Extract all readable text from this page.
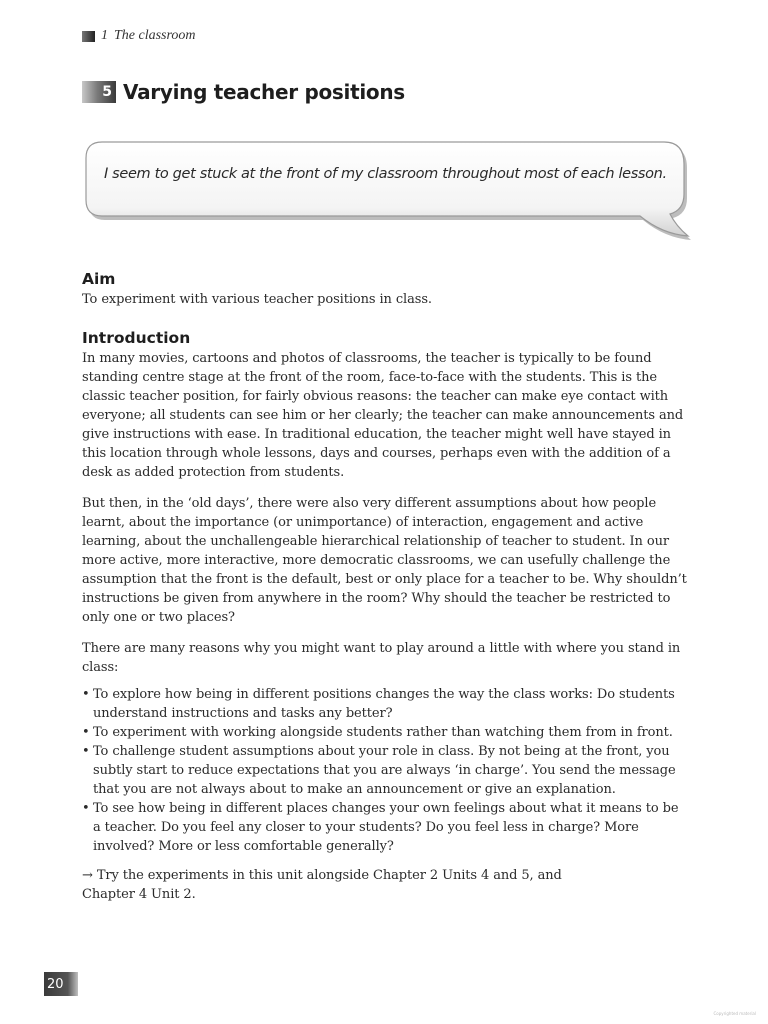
1 The classroom
5 Varying teacher positions
I seem to get stuck at the front of my classroom throughout most of each lesson.
Aim

To experiment with various teacher positions in class.

Introduction

In many movies, cartoons and photos of classrooms, the teacher is typically to be found standing centre stage at the front of the room, face-to-face with the students. This is the classic teacher position, for fairly obvious reasons: the teacher can make eye contact with everyone; all students can see him or her clearly; the teacher can make announcements and give instructions with ease. In traditional education, the teacher might well have stayed in this location through whole lessons, days and courses, perhaps even with the addition of a desk as added protection from students.

But then, in the ‘old days’, there were also very different assumptions about how people learnt, about the importance (or unimportance) of interaction, engagement and active learning, about the unchallengeable hierarchical relationship of teacher to student. In our more active, more interactive, more democratic classrooms, we can usefully challenge the assumption that the front is the default, best or only place for a teacher to be. Why shouldn’t instructions be given from anywhere in the room? Why should the teacher be restricted to only one or two places?

There are many reasons why you might want to play around a little with where you stand in class:

• To explore how being in different positions changes the way the class works: Do students understand instructions and tasks any better?
• To experiment with working alongside students rather than watching them from in front.
• To challenge student assumptions about your role in class. By not being at the front, you subtly start to reduce expectations that you are always ‘in charge’. You send the message that you are not always about to make an announcement or give an explanation.
• To see how being in different places changes your own feelings about what it means to be a teacher. Do you feel any closer to your students? Do you feel less in charge? More involved? More or less comfortable generally?

→ Try the experiments in this unit alongside Chapter 2 Units 4 and 5, and Chapter 4 Unit 2.

20
Copyrighted material
